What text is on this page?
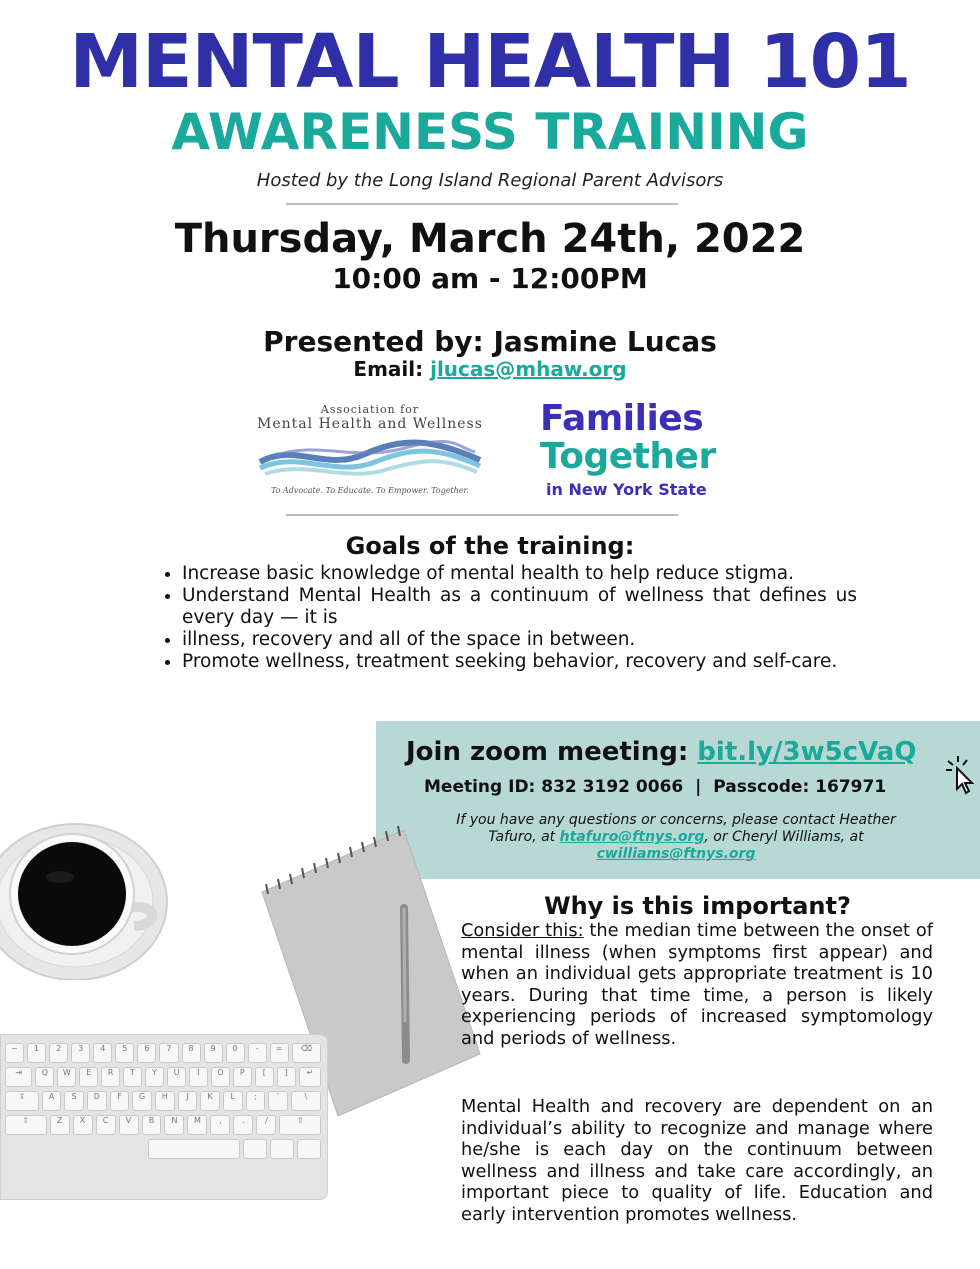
MENTAL HEALTH 101
AWARENESS TRAINING
Hosted by the Long Island Regional Parent Advisors
Thursday, March 24th, 2022
10:00 am - 12:00PM
Presented by: Jasmine Lucas
Email: jlucas@mhaw.org
Association for
Mental Health and Wellness
To Advocate. To Educate. To Empower. Together.
Families
Together
in New York State
Goals of the training:
• Increase basic knowledge of mental health to help reduce stigma.
• Understand Mental Health as a continuum of wellness that defines us every day — it is
• illness, recovery and all of the space in between.
• Promote wellness, treatment seeking behavior, recovery and self-care.
Join zoom meeting: bit.ly/3w5cVaQ
Meeting ID: 832 3192 0066 | Passcode: 167971
If you have any questions or concerns, please contact Heather Tafuro, at htafuro@ftnys.org, or Cheryl Williams, at cwilliams@ftnys.org
~	1	2	3	4	5	6	7	8	9	0	-	=	⌫
⇥	Q	W	E	R	T	Y	U	I	O	P	[	]	↵
⇪	A	S	D	F	G	H	J	K	L	;	'	\
⇧	Z	X	C	V	B	N	M	,	.	/	⇧
Why is this important?
Consider this: the median time between the onset of mental illness (when symptoms first appear) and when an individual gets appropriate treatment is 10 years. During that time time, a person is likely experiencing periods of increased symptomology and periods of wellness.
Mental Health and recovery are dependent on an individual’s ability to recognize and manage where he/she is each day on the continuum between wellness and illness and take care accordingly, an important piece to quality of life. Education and early intervention promotes wellness.
